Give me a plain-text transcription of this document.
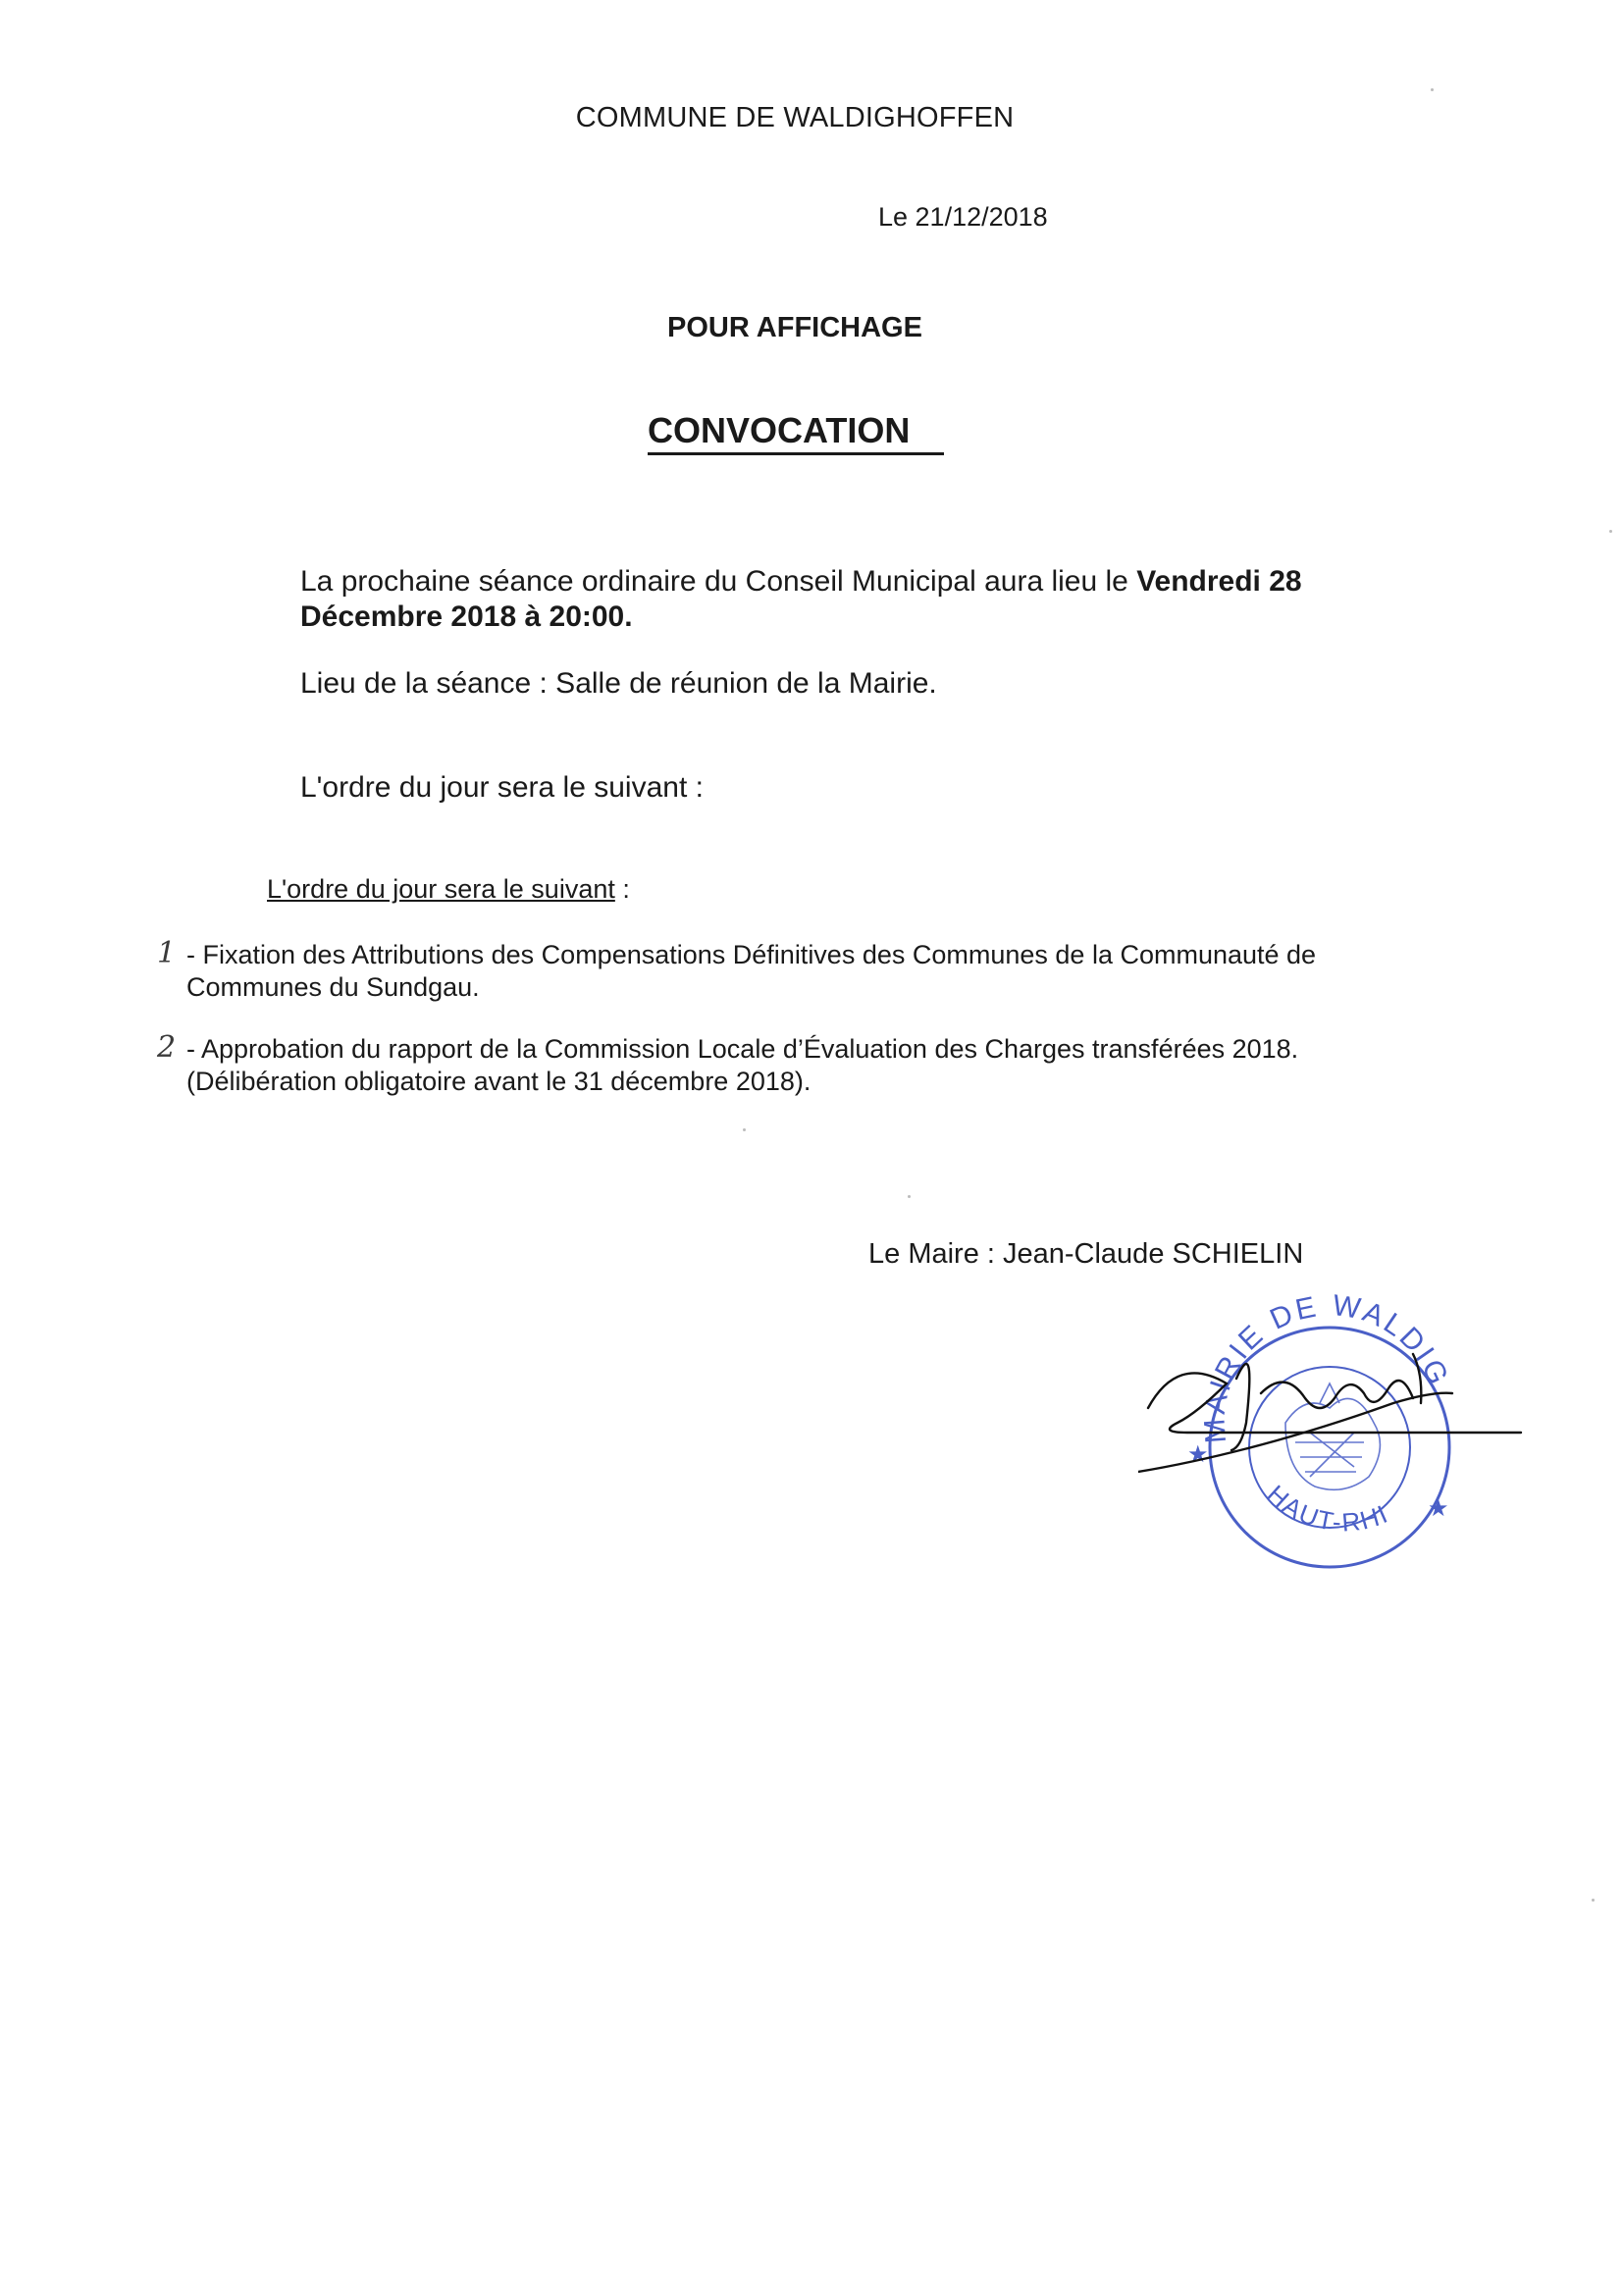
COMMUNE DE WALDIGHOFFEN
Le 21/12/2018
POUR AFFICHAGE
CONVOCATION
La prochaine séance ordinaire du Conseil Municipal aura lieu le Vendredi 28 Décembre 2018 à 20:00.
Lieu de la séance : Salle de réunion de la Mairie.
L'ordre du jour sera le suivant :
L'ordre du jour sera le suivant :
1 - Fixation des Attributions des Compensations Définitives des Communes de la Communauté de Communes du Sundgau.
2 - Approbation du rapport de la Commission Locale d’Évaluation des Charges transférées 2018. (Délibération obligatoire avant le 31 décembre 2018).
Le Maire : Jean-Claude SCHIELIN
★
★
MAIRIE DE WALDIG
HAUT-RHI
